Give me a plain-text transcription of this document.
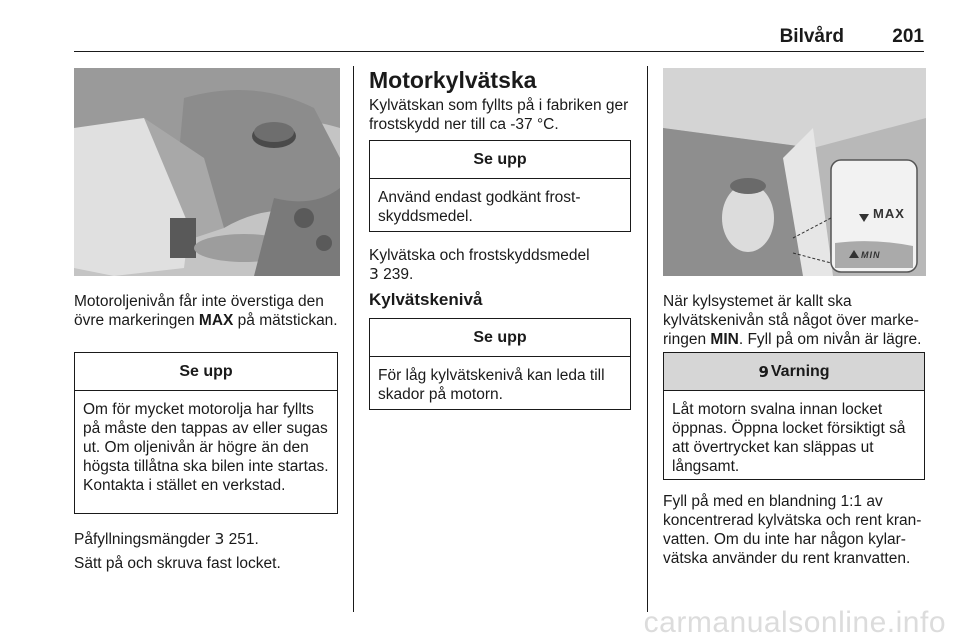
Bilvård	201
Motoroljenivån får inte överstiga den övre markeringen MAX på mätstickan.
Se upp
Om för mycket motorolja har fyllts på måste den tappas av eller sugas ut. Om oljenivån är högre än den högsta tillåtna ska bilen inte startas. Kontakta i stället en verkstad.
Påfyllningsmängder 3 251.
Sätt på och skruva fast locket.
Motorkylvätska
Kylvätskan som fyllts på i fabriken ger frostskydd ner till ca -37 °C.
Se upp
Använd endast godkänt frost-skyddsmedel.
Kylvätska och frostskyddsmedel
3 239.
Kylvätskenivå
Se upp
För låg kylvätskenivå kan leda till skador på motorn.
MAX
MIN
När kylsystemet är kallt ska kylvätskenivån stå något över marke-ringen MIN. Fyll på om nivån är lägre.
9 Varning
Låt motorn svalna innan locket öppnas. Öppna locket försiktigt så att övertrycket kan släppas ut långsamt.
Fyll på med en blandning 1:1 av koncentrerad kylvätska och rent kran-vatten. Om du inte har någon kylar-vätska använder du rent kranvatten.
carmanualsonline.info
